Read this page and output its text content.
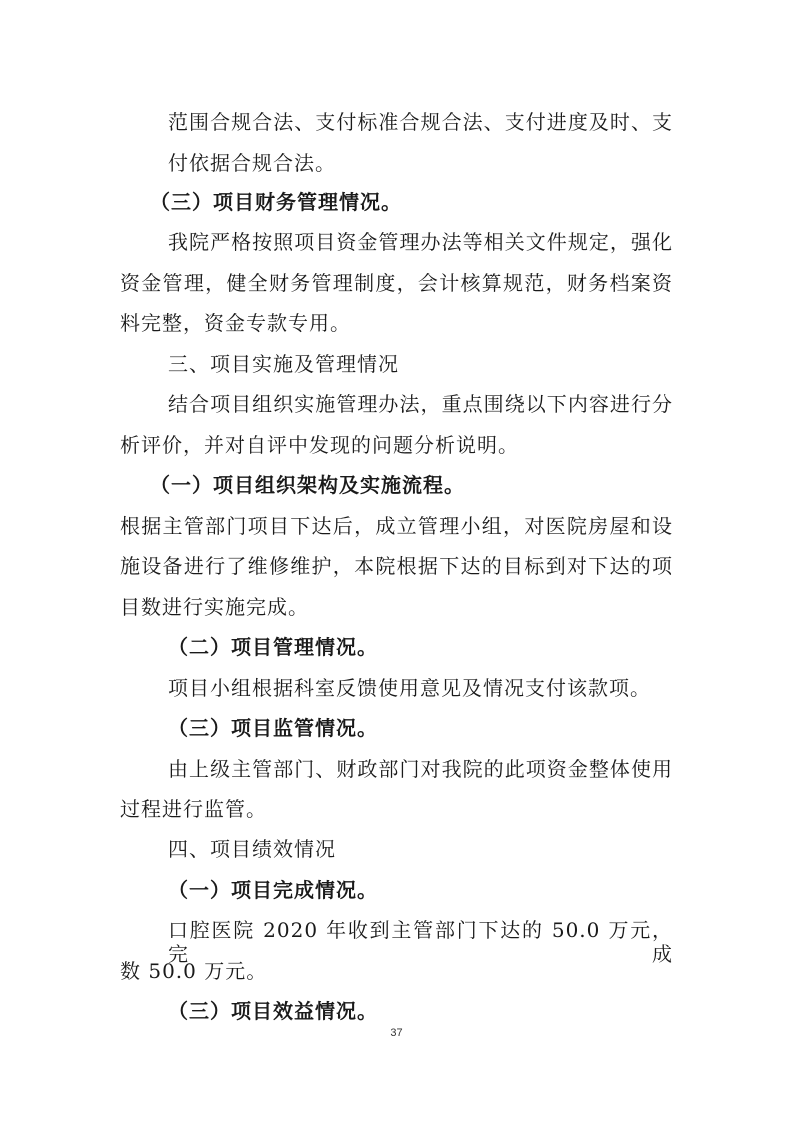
范围合规合法、支付标准合规合法、支付进度及时、支

付依据合规合法。

（三）项目财务管理情况。

我院严格按照项目资金管理办法等相关文件规定，强化

资金管理，健全财务管理制度，会计核算规范，财务档案资

料完整，资金专款专用。

三、项目实施及管理情况

结合项目组织实施管理办法，重点围绕以下内容进行分

析评价，并对自评中发现的问题分析说明。

（一）项目组织架构及实施流程。

根据主管部门项目下达后，成立管理小组，对医院房屋和设

施设备进行了维修维护，本院根据下达的目标到对下达的项

目数进行实施完成。

（二）项目管理情况。

项目小组根据科室反馈使用意见及情况支付该款项。

（三）项目监管情况。

由上级主管部门、财政部门对我院的此项资金整体使用

过程进行监管。

四、项目绩效情况

（一）项目完成情况。

口腔医院 2020 年收到主管部门下达的 50.0 万元，完成

数 50.0 万元。

（三）项目效益情况。

37
